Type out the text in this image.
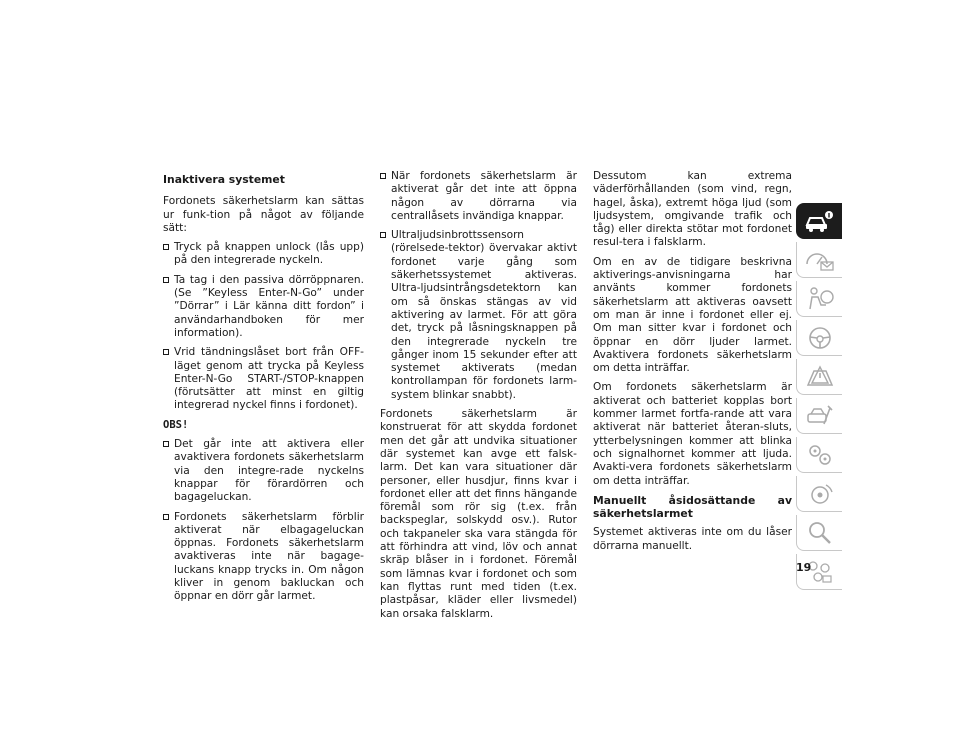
Inaktivera systemet

Fordonets säkerhetslarm kan sättas ur funk-tion på något av följande sätt:

Tryck på knappen unlock (lås upp) på den integrerade nyckeln.
Ta tag i den passiva dörröppnaren. (Se ”Keyless Enter-N-Go” under ”Dörrar” i Lär känna ditt fordon” i användarhandboken för mer information).
Vrid tändningslåset bort från OFF-läget genom att trycka på Keyless Enter-N-Go START-/STOP-knappen (förutsätter att minst en giltig integrerad nyckel finns i fordonet).

OBS!

Det går inte att aktivera eller avaktivera fordonets säkerhetslarm via den integre-rade nyckelns knappar för förardörren och bagageluckan.
Fordonets säkerhetslarm förblir aktiverat när elbagageluckan öppnas. Fordonets säkerhetslarm avaktiveras inte när bagage-luckans knapp trycks in. Om någon kliver in genom bakluckan och öppnar en dörr går larmet.
När fordonets säkerhetslarm är aktiverat går det inte att öppna någon av dörrarna via centrallåsets invändiga knappar.
Ultraljudsinbrottssensorn (rörelsede-tektor) övervakar aktivt fordonet varje gång som säkerhetssystemet aktiveras. Ultra-ljudsintrångsdetektorn kan om så önskas stängas av vid aktivering av larmet. För att göra det, tryck på låsningsknappen på den integrerade nyckeln tre gånger inom 15 sekunder efter att systemet aktiverats (medan kontrollampan för fordonets larm-system blinkar snabbt).

Fordonets säkerhetslarm är konstruerat för att skydda fordonet men det går att undvika situationer där systemet kan avge ett falsk-larm. Det kan vara situationer där personer, eller husdjur, finns kvar i fordonet eller att det finns hängande föremål som rör sig (t.ex. från backspeglar, solskydd osv.). Rutor och takpaneler ska vara stängda för att förhindra att vind, löv och annat skräp blåser in i fordonet. Föremål som lämnas kvar i fordonet och som kan flyttas runt med tiden (t.ex. plastpåsar, kläder eller livsmedel) kan orsaka falsklarm.

Dessutom kan extrema väderförhållanden (som vind, regn, hagel, åska), extremt höga ljud (som ljudsystem, omgivande trafik och tåg) eller direkta stötar mot fordonet resul-tera i falsklarm.

Om en av de tidigare beskrivna aktiverings-anvisningarna har använts kommer fordonets säkerhetslarm att aktiveras oavsett om man är inne i fordonet eller ej. Om man sitter kvar i fordonet och öppnar en dörr ljuder larmet. Avaktivera fordonets säkerhetslarm om detta inträffar.

Om fordonets säkerhetslarm är aktiverat och batteriet kopplas bort kommer larmet fortfa-rande att vara aktiverat när batteriet återan-sluts, ytterbelysningen kommer att blinka och signalhornet kommer att ljuda. Avakti-vera fordonets säkerhetslarm om detta inträffar.

Manuellt åsidosättande av säkerhetslarmet

Systemet aktiveras inte om du låser dörrarna manuellt.

19
